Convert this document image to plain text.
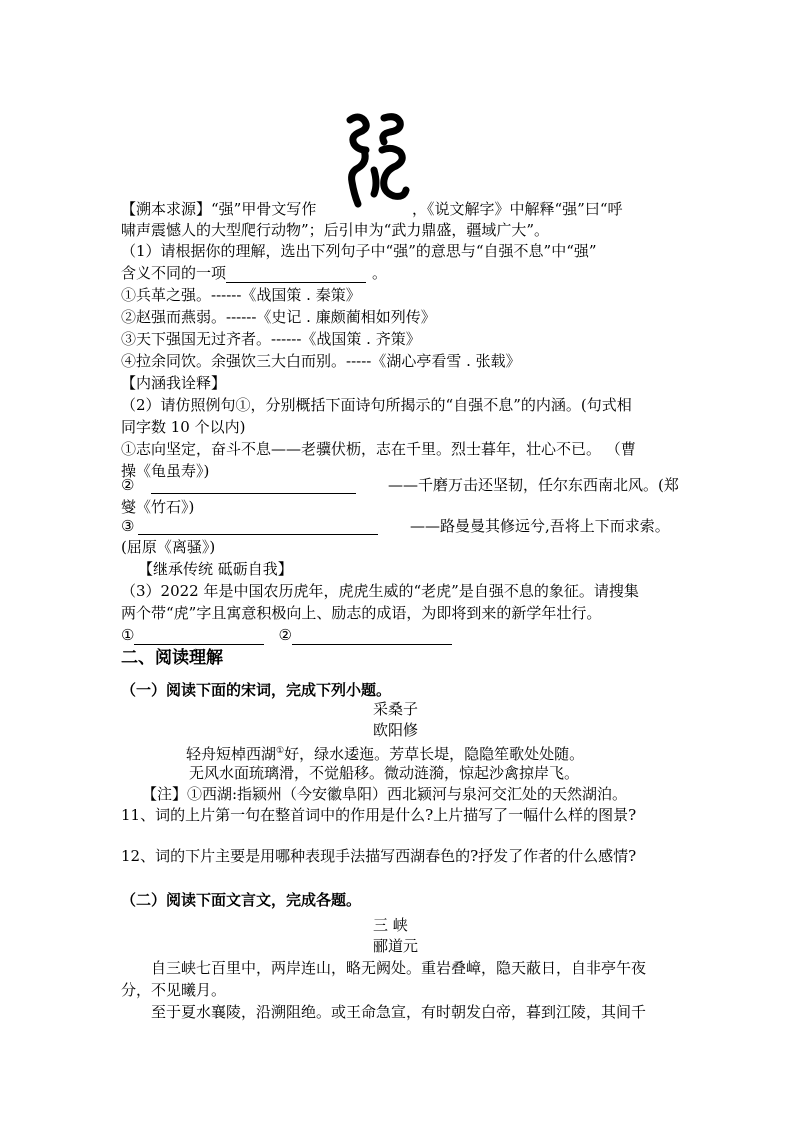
【溯本求源】“强”甲骨文写作	，《说文解字》中解释“强”曰“呼
啸声震憾人的大型爬行动物”；后引申为“武力鼎盛，疆域广大”。
（1）请根据你的理解，选出下列句子中“强”的意思与“自强不息”中“强”
含义不同的一项	。
①兵革之强。------《战国策 . 秦策》
②赵强而燕弱。------《史记 . 廉颇蔺相如列传》
③天下强国无过齐者。------《战国策 . 齐策》
④拉余同饮。余强饮三大白而别。-----《湖心亭看雪 . 张载》
【内涵我诠释】
（2）请仿照例句①，分别概括下面诗句所揭示的“自强不息”的内涵。(句式相
同字数 10 个以内)
①志向坚定，奋斗不息——老骥伏枥，志在千里。烈士暮年，壮心不已。 （曹
操《龟虽寿》)
②	——千磨万击还坚韧，任尔东西南北风。(郑
燮《竹石》)
③	——路曼曼其修远兮,吾将上下而求索。
(屈原《离骚》)
【继承传统 砥砺自我】
（3）2022 年是中国农历虎年，虎虎生威的“老虎”是自强不息的象征。请搜集
两个带“虎”字且寓意积极向上、励志的成语，为即将到来的新学年壮行。
①	②
二、阅读理解
（一）阅读下面的宋词，完成下列小题。
采桑子
欧阳修
轻舟短棹西湖①好，绿水逶迤。芳草长堤，隐隐笙歌处处随。
无风水面琉璃滑，不觉船移。微动涟漪，惊起沙禽掠岸飞。
【注】①西湖:指颍州（今安徽阜阳）西北颍河与泉河交汇处的天然湖泊。
11、词的上片第一句在整首词中的作用是什么?上片描写了一幅什么样的图景?
12、词的下片主要是用哪种表现手法描写西湖春色的?抒发了作者的什么感情?
（二）阅读下面文言文，完成各题。
三 峡
郦道元
自三峡七百里中，两岸连山，略无阙处。重岩叠嶂，隐天蔽日，自非亭午夜
分，不见曦月。
至于夏水襄陵，沿溯阻绝。或王命急宣，有时朝发白帝，暮到江陵，其间千
